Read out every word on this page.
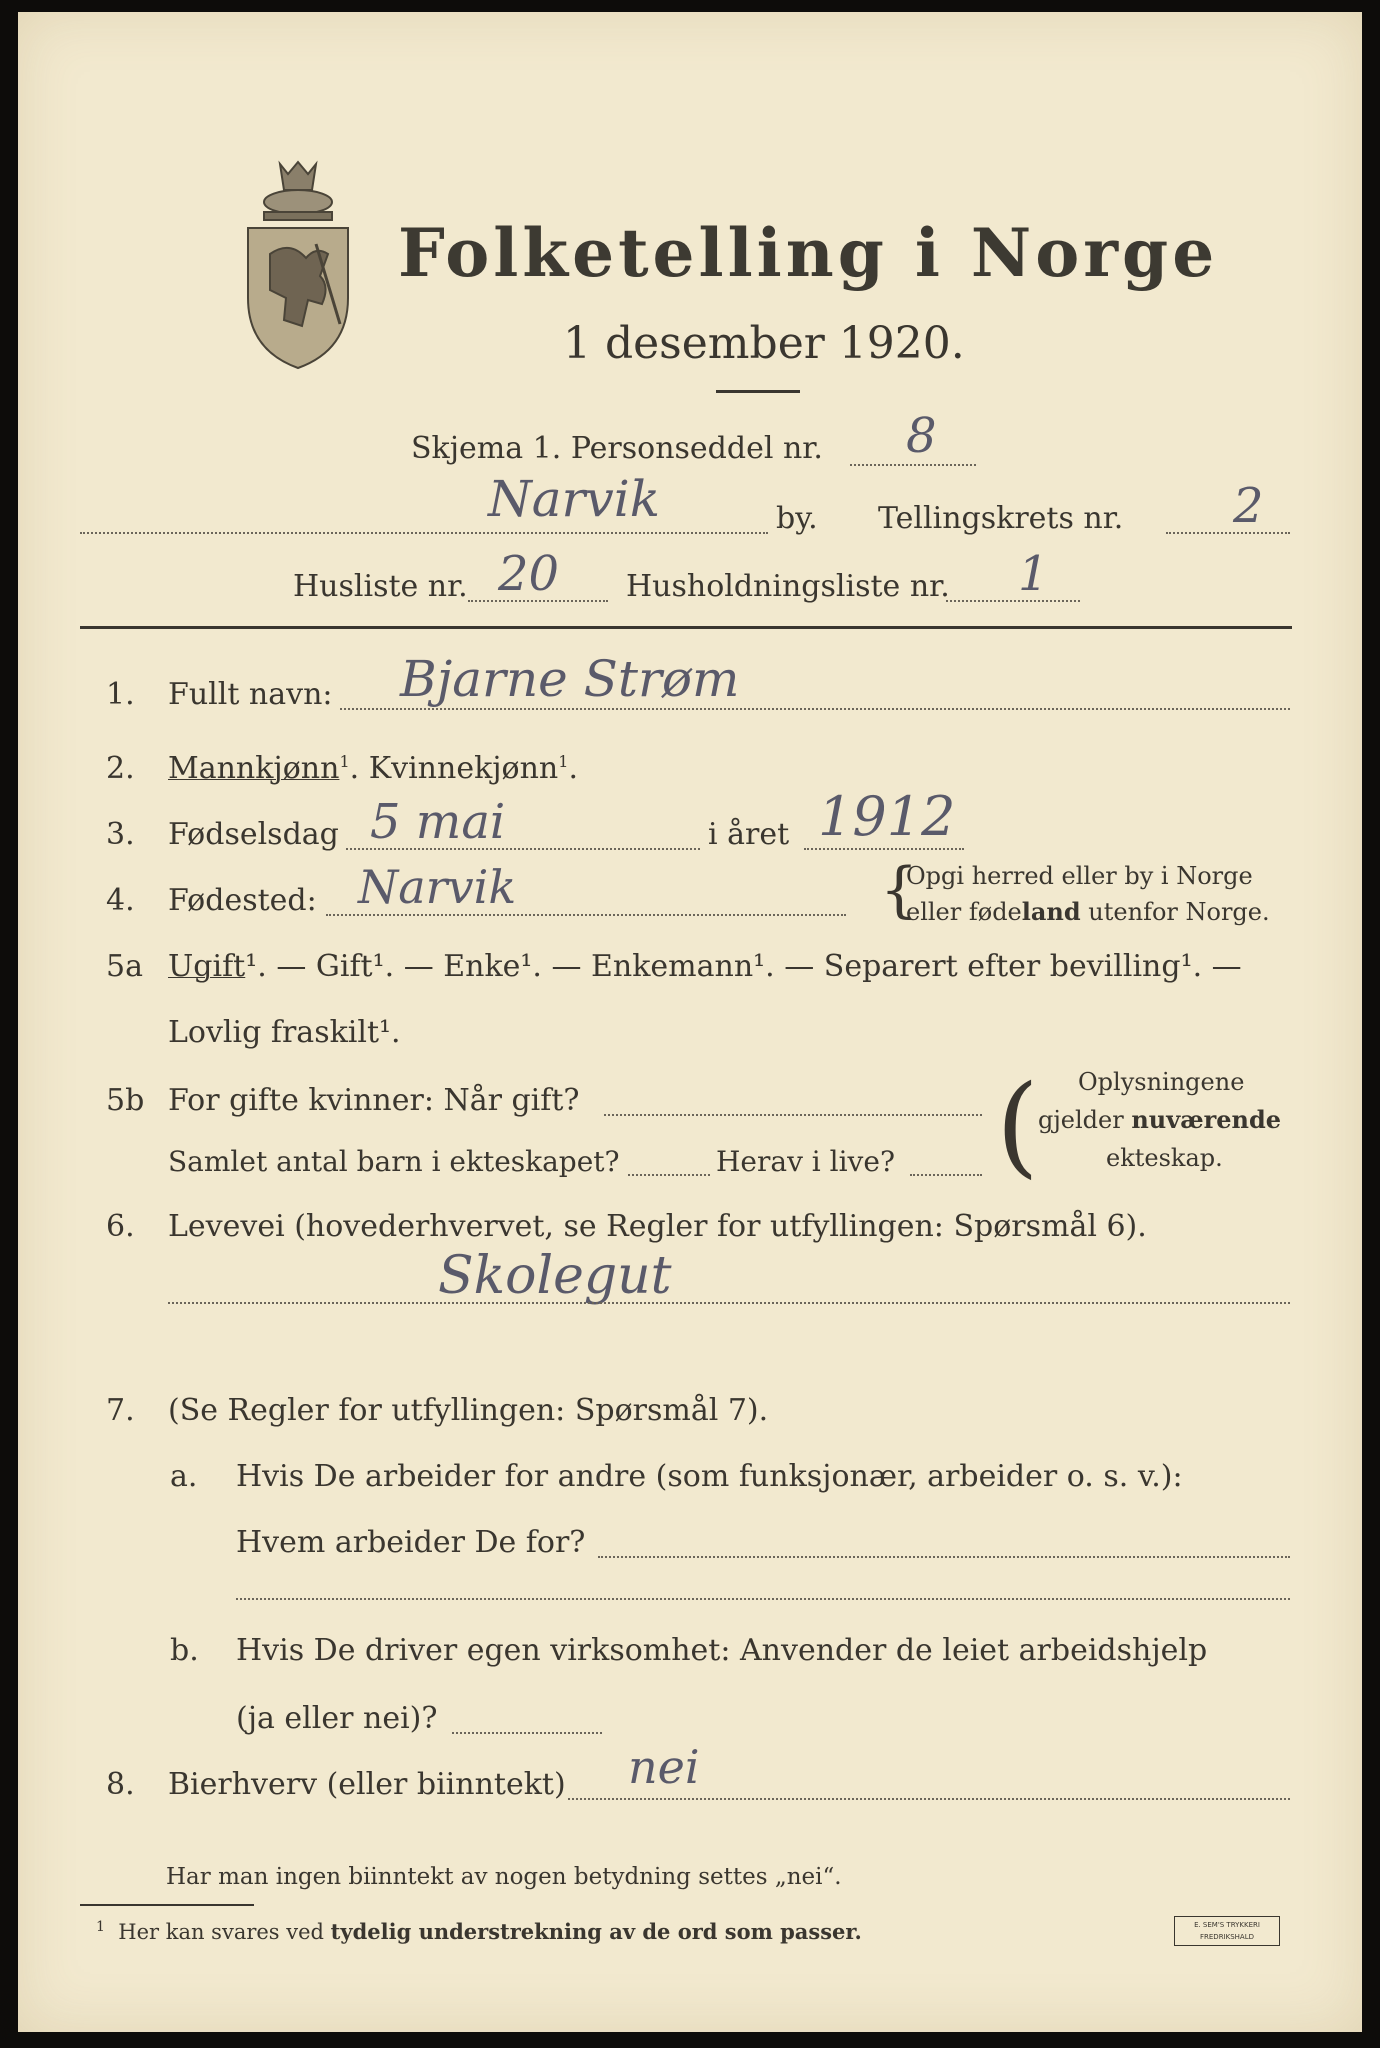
Folketelling i Norge
1 desember 1920.
Skjema 1. Personseddel nr. 8
Narvik	by. Tellingskrets nr. 2
Husliste nr. 20 Husholdningsliste nr. 1
1. Fullt navn: Bjarne Strøm
2. Mannkjønn$^1$. Kvinnekjønn$^1$.
3. Fødselsdag 5 mai	i året 1912
4. Fødested: Narvik	{
Opgi herred eller by i Norge
eller fødeland utenfor Norge.
5a Ugift¹. — Gift¹. — Enke¹. — Enkemann¹. — Separert efter bevilling¹. —
Lovlig fraskilt¹.
5b For gifte kvinner: Når gift?
Samlet antal barn i ekteskapet?	Herav i live? ( Oplysningene
gjelder nuværende
ekteskap.
6. Levevei (hovederhvervet, se Regler for utfyllingen: Spørsmål 6).
Skolegut
7. (Se Regler for utfyllingen: Spørsmål 7).
a. Hvis De arbeider for andre (som funksjonær, arbeider o. s. v.):
Hvem arbeider De for?
b. Hvis De driver egen virksomhet: Anvender de leiet arbeidshjelp
(ja eller nei)?
8. Bierhverv (eller biinntekt) nei
Har man ingen biinntekt av nogen betydning settes „nei“.
$^1$ Her kan svares ved tydelig understrekning av de ord som passer.	E. SEM'S TRYKKERI
FREDRIKSHALD
